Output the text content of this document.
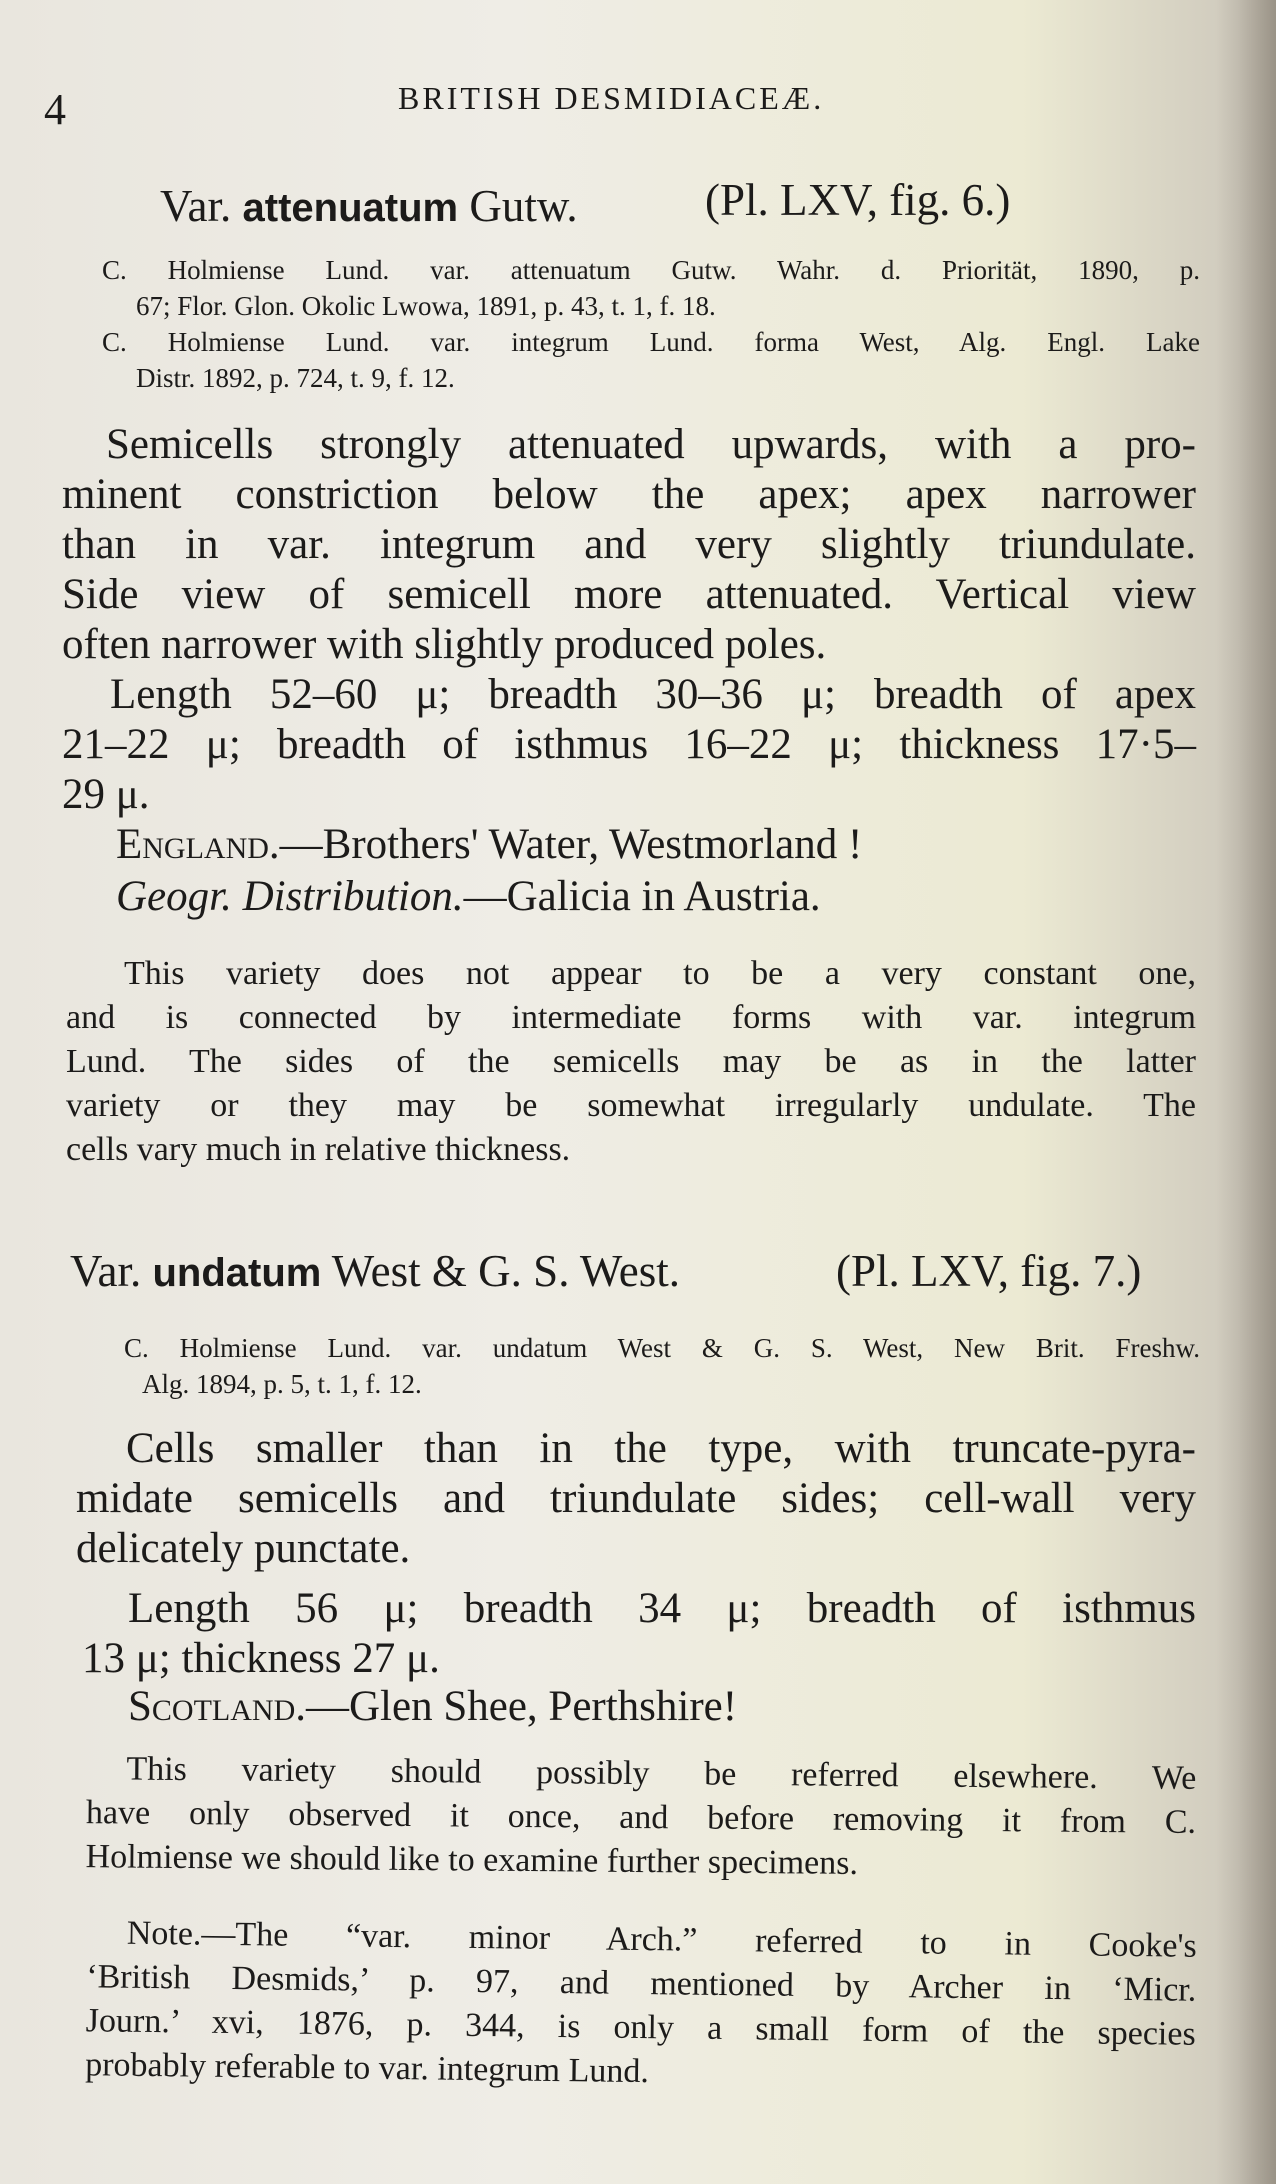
4	BRITISH DESMIDIACEÆ.
Var. attenuatum Gutw.	(Pl. LXV, fig. 6.)
C. Holmiense Lund. var. attenuatum Gutw. Wahr. d. Priorität, 1890, p.
67; Flor. Glon. Okolic Lwowa, 1891, p. 43, t. 1, f. 18.
C. Holmiense Lund. var. integrum Lund. forma West, Alg. Engl. Lake
Distr. 1892, p. 724, t. 9, f. 12.
Semicells strongly attenuated upwards, with a pro-
minent constriction below the apex; apex narrower
than in var. integrum and very slightly triundulate.
Side view of semicell more attenuated. Vertical view
often narrower with slightly produced poles.
Length 52–60 μ; breadth 30–36 μ; breadth of apex
21–22 μ; breadth of isthmus 16–22 μ; thickness 17·5–
29 μ.
England.—Brothers' Water, Westmorland !
Geogr. Distribution.—Galicia in Austria.
This variety does not appear to be a very constant one,
and is connected by intermediate forms with var. integrum
Lund. The sides of the semicells may be as in the latter
variety or they may be somewhat irregularly undulate. The
cells vary much in relative thickness.
Var. undatum West & G. S. West.	(Pl. LXV, fig. 7.)
C. Holmiense Lund. var. undatum West & G. S. West, New Brit. Freshw.
Alg. 1894, p. 5, t. 1, f. 12.
Cells smaller than in the type, with truncate-pyra-
midate semicells and triundulate sides; cell-wall very
delicately punctate.
Length 56 μ; breadth 34 μ; breadth of isthmus
13 μ; thickness 27 μ.
Scotland.—Glen Shee, Perthshire!
This variety should possibly be referred elsewhere. We
have only observed it once, and before removing it from C.
Holmiense we should like to examine further specimens.
Note.—The “var. minor Arch.” referred to in Cooke's
‘British Desmids,’ p. 97, and mentioned by Archer in ‘Micr.
Journ.’ xvi, 1876, p. 344, is only a small form of the species
probably referable to var. integrum Lund.
